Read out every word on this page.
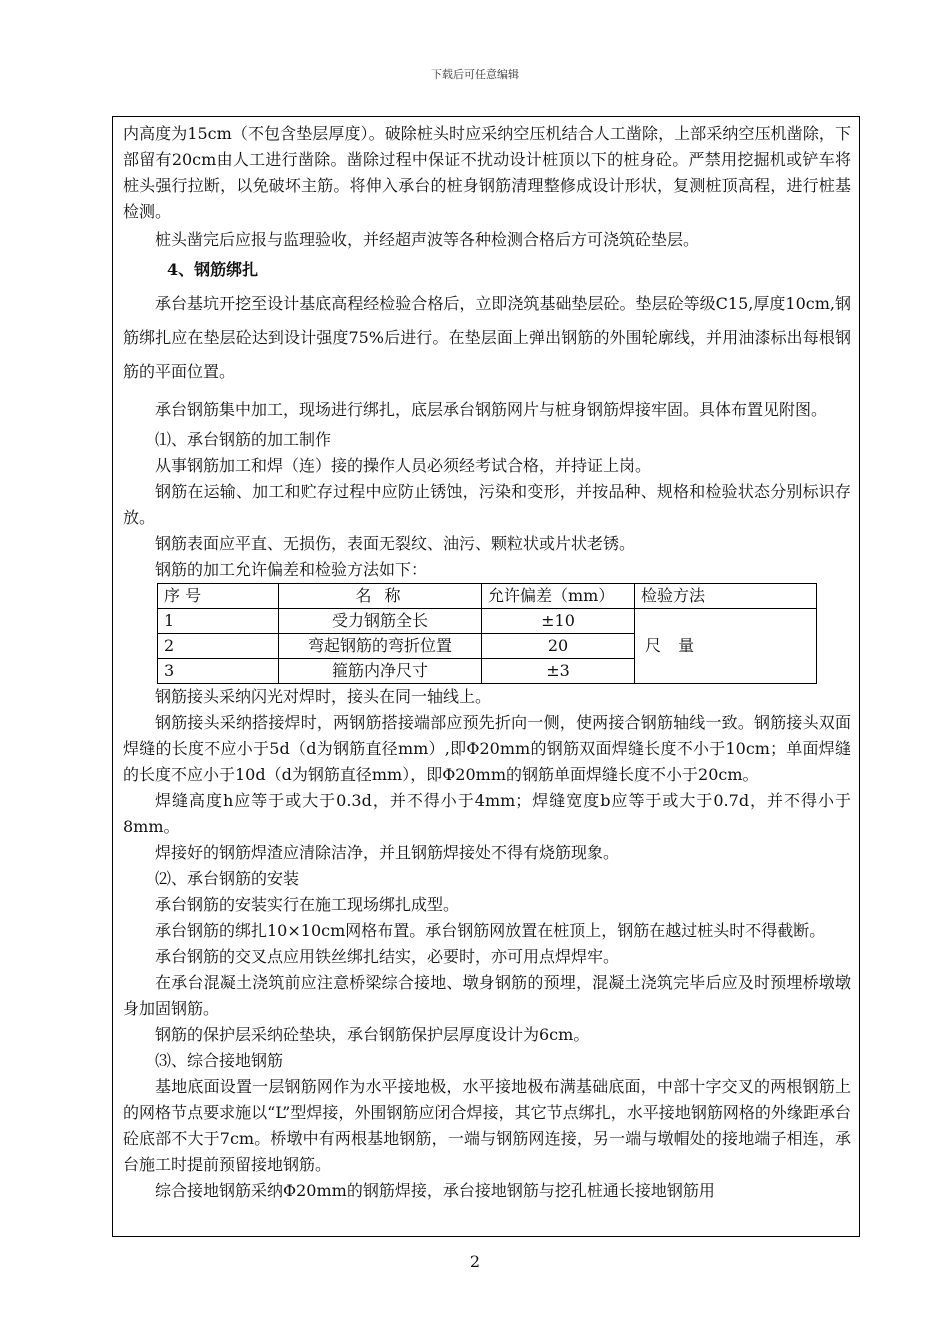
下载后可任意编辑

内高度为15cm（不包含垫层厚度）。破除桩头时应采纳空压机结合人工凿除，上部采纳空压机凿除，下部留有20cm由人工进行凿除。凿除过程中保证不扰动设计桩顶以下的桩身砼。严禁用挖掘机或铲车将桩头强行拉断，以免破坏主筋。将伸入承台的桩身钢筋清理整修成设计形状，复测桩顶高程，进行桩基检测。

桩头凿完后应报与监理验收，并经超声波等各种检测合格后方可浇筑砼垫层。

4、钢筋绑扎

承台基坑开挖至设计基底高程经检验合格后，立即浇筑基础垫层砼。垫层砼等级C15,厚度10cm,钢筋绑扎应在垫层砼达到设计强度75%后进行。在垫层面上弹出钢筋的外围轮廓线，并用油漆标出每根钢筋的平面位置。

承台钢筋集中加工，现场进行绑扎，底层承台钢筋网片与桩身钢筋焊接牢固。具体布置见附图。

⑴、承台钢筋的加工制作

从事钢筋加工和焊（连）接的操作人员必须经考试合格，并持证上岗。

钢筋在运输、加工和贮存过程中应防止锈蚀，污染和变形，并按品种、规格和检验状态分别标识存放。

钢筋表面应平直、无损伤，表面无裂纹、油污、颗粒状或片状老锈。

钢筋的加工允许偏差和检验方法如下：

序 号	名 称	允许偏差（mm）	检验方法
1	受力钢筋全长	±10	尺 量
2	弯起钢筋的弯折位置	20	
3	箍筋内净尺寸	±3	

钢筋接头采纳闪光对焊时，接头在同一轴线上。

钢筋接头采纳搭接焊时，两钢筋搭接端部应预先折向一侧，使两接合钢筋轴线一致。钢筋接头双面焊缝的长度不应小于5d（d为钢筋直径mm）,即Φ20mm的钢筋双面焊缝长度不小于10cm；单面焊缝的长度不应小于10d（d为钢筋直径mm），即Φ20mm的钢筋单面焊缝长度不小于20cm。

焊缝高度h应等于或大于0.3d，并不得小于4mm；焊缝宽度b应等于或大于0.7d，并不得小于8mm。

焊接好的钢筋焊渣应清除洁净，并且钢筋焊接处不得有烧筋现象。

⑵、承台钢筋的安装

承台钢筋的安装实行在施工现场绑扎成型。

承台钢筋的绑扎10×10cm网格布置。承台钢筋网放置在桩顶上，钢筋在越过桩头时不得截断。

承台钢筋的交叉点应用铁丝绑扎结实，必要时，亦可用点焊焊牢。

在承台混凝土浇筑前应注意桥梁综合接地、墩身钢筋的预埋，混凝土浇筑完毕后应及时预埋桥墩墩身加固钢筋。

钢筋的保护层采纳砼垫块，承台钢筋保护层厚度设计为6cm。

⑶、综合接地钢筋

基地底面设置一层钢筋网作为水平接地极，水平接地极布满基础底面，中部十字交叉的两根钢筋上的网格节点要求施以“L”型焊接，外围钢筋应闭合焊接，其它节点绑扎，水平接地钢筋网格的外缘距承台砼底部不大于7cm。桥墩中有两根基地钢筋，一端与钢筋网连接，另一端与墩帽处的接地端子相连，承台施工时提前预留接地钢筋。

综合接地钢筋采纳Φ20mm的钢筋焊接，承台接地钢筋与挖孔桩通长接地钢筋用

2
